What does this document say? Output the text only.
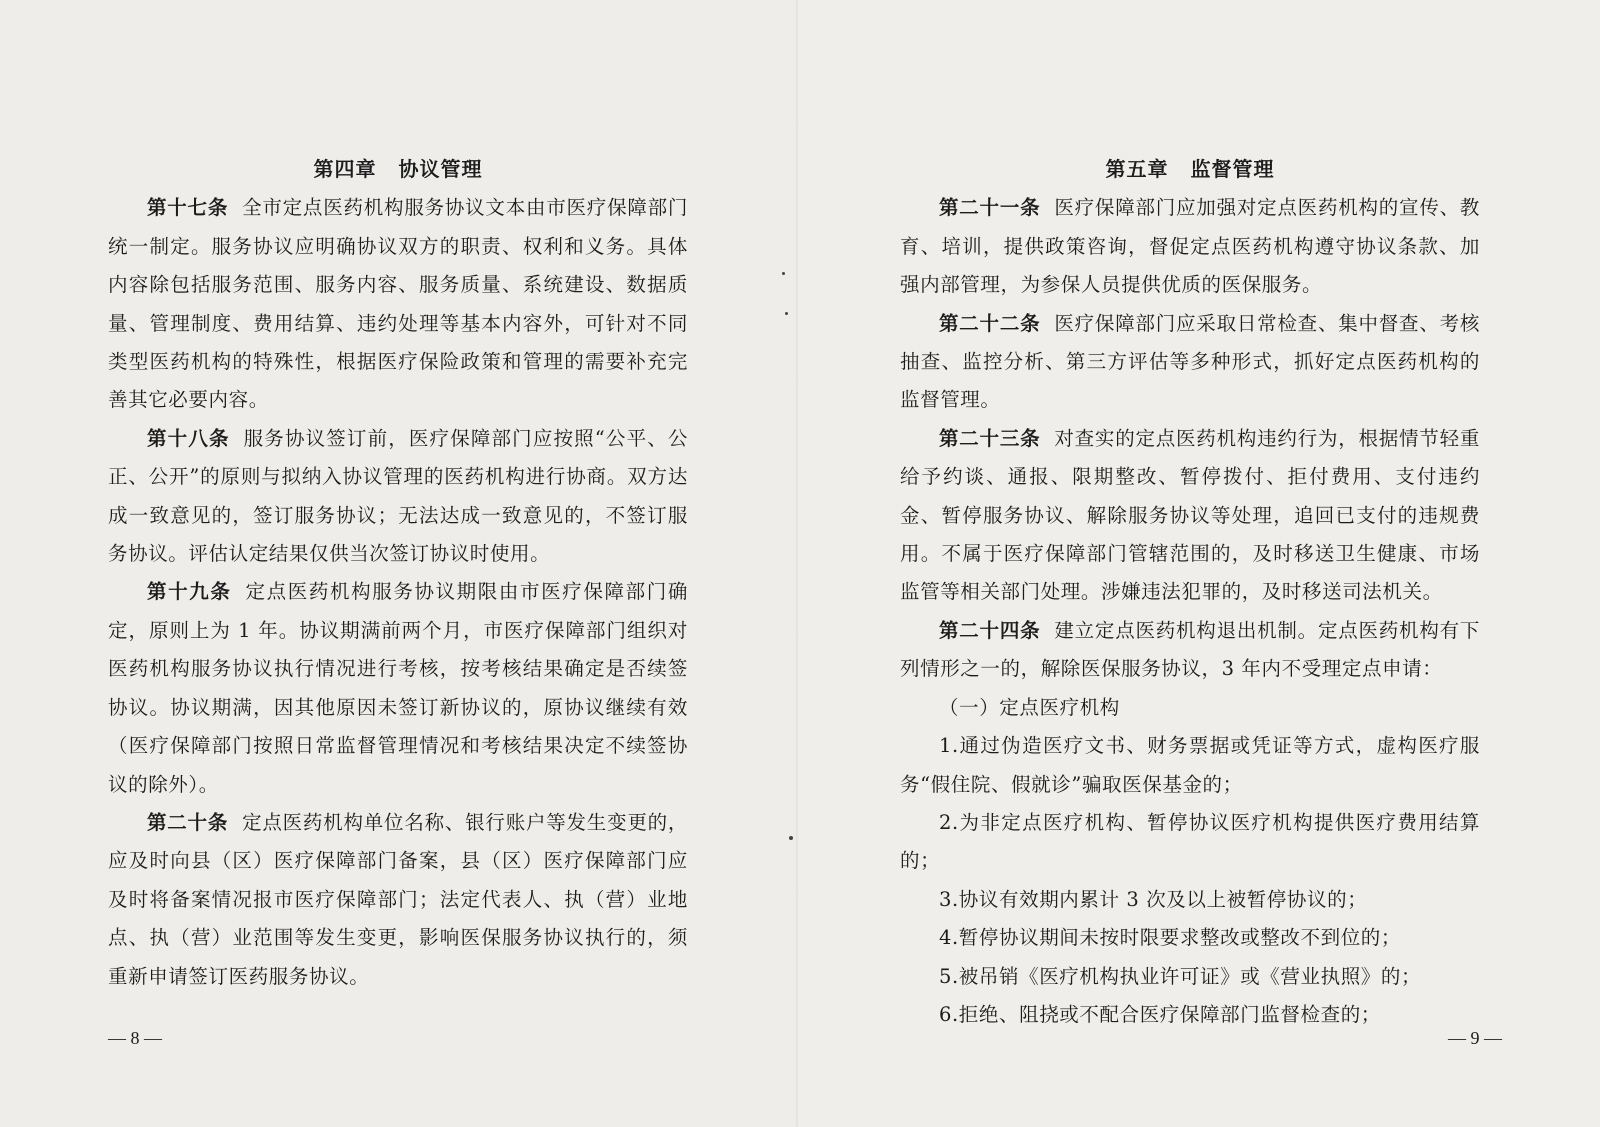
第四章 协议管理

第十七条 全市定点医药机构服务协议文本由市医疗保障部门统一制定。服务协议应明确协议双方的职责、权利和义务。具体内容除包括服务范围、服务内容、服务质量、系统建设、数据质量、管理制度、费用结算、违约处理等基本内容外，可针对不同类型医药机构的特殊性，根据医疗保险政策和管理的需要补充完善其它必要内容。

第十八条 服务协议签订前，医疗保障部门应按照“公平、公正、公开”的原则与拟纳入协议管理的医药机构进行协商。双方达成一致意见的，签订服务协议；无法达成一致意见的，不签订服务协议。评估认定结果仅供当次签订协议时使用。

第十九条 定点医药机构服务协议期限由市医疗保障部门确定，原则上为 1 年。协议期满前两个月，市医疗保障部门组织对医药机构服务协议执行情况进行考核，按考核结果确定是否续签协议。协议期满，因其他原因未签订新协议的，原协议继续有效（医疗保障部门按照日常监督管理情况和考核结果决定不续签协议的除外）。

第二十条 定点医药机构单位名称、银行账户等发生变更的，应及时向县（区）医疗保障部门备案，县（区）医疗保障部门应及时将备案情况报市医疗保障部门；法定代表人、执（营）业地点、执（营）业范围等发生变更，影响医保服务协议执行的，须重新申请签订医药服务协议。

— 8 —
第五章 监督管理

第二十一条 医疗保障部门应加强对定点医药机构的宣传、教育、培训，提供政策咨询，督促定点医药机构遵守协议条款、加强内部管理，为参保人员提供优质的医保服务。

第二十二条 医疗保障部门应采取日常检查、集中督查、考核抽查、监控分析、第三方评估等多种形式，抓好定点医药机构的监督管理。

第二十三条 对查实的定点医药机构违约行为，根据情节轻重给予约谈、通报、限期整改、暂停拨付、拒付费用、支付违约金、暂停服务协议、解除服务协议等处理，追回已支付的违规费用。不属于医疗保障部门管辖范围的，及时移送卫生健康、市场监管等相关部门处理。涉嫌违法犯罪的，及时移送司法机关。

第二十四条 建立定点医药机构退出机制。定点医药机构有下列情形之一的，解除医保服务协议，3 年内不受理定点申请：

（一）定点医疗机构

1.通过伪造医疗文书、财务票据或凭证等方式，虚构医疗服务“假住院、假就诊”骗取医保基金的；

2.为非定点医疗机构、暂停协议医疗机构提供医疗费用结算的；

3.协议有效期内累计 3 次及以上被暂停协议的；

4.暂停协议期间未按时限要求整改或整改不到位的；

5.被吊销《医疗机构执业许可证》或《营业执照》的；

6.拒绝、阻挠或不配合医疗保障部门监督检查的；

— 9 —
